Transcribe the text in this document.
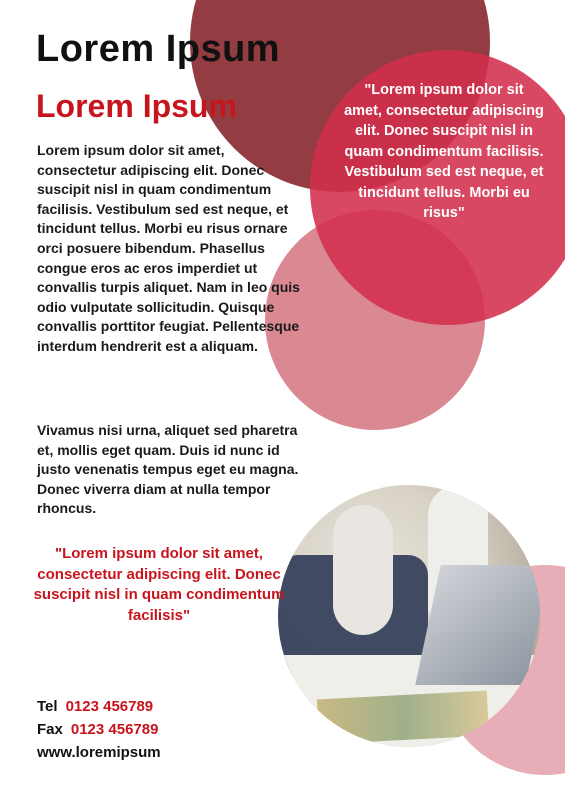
Lorem Ipsum
Lorem Ipsum

Lorem ipsum dolor sit amet, consectetur adipiscing elit. Donec suscipit nisl in quam condimentum facilisis. Vestibulum sed est neque, et tincidunt tellus. Morbi eu risus ornare orci posuere bibendum. Phasellus congue eros ac eros imperdiet ut convallis turpis aliquet. Nam in leo quis odio vulputate sollicitudin. Quisque convallis porttitor feugiat. Pellentesque interdum hendrerit est a aliquam.

Vivamus nisi urna, aliquet sed pharetra et, mollis eget quam. Duis id nunc id justo venenatis tempus eget eu magna. Donec viverra diam at nulla tempor rhoncus.

"Lorem ipsum dolor sit amet, consectetur adipiscing elit. Donec suscipit nisl in quam condimentum facilisis. Vestibulum sed est neque, et tincidunt tellus. Morbi eu risus"

"Lorem ipsum dolor sit amet, consectetur adipiscing elit. Donec suscipit nisl in quam condimentum facilisis"

Tel 0123 456789
Fax 0123 456789
www.loremipsum
